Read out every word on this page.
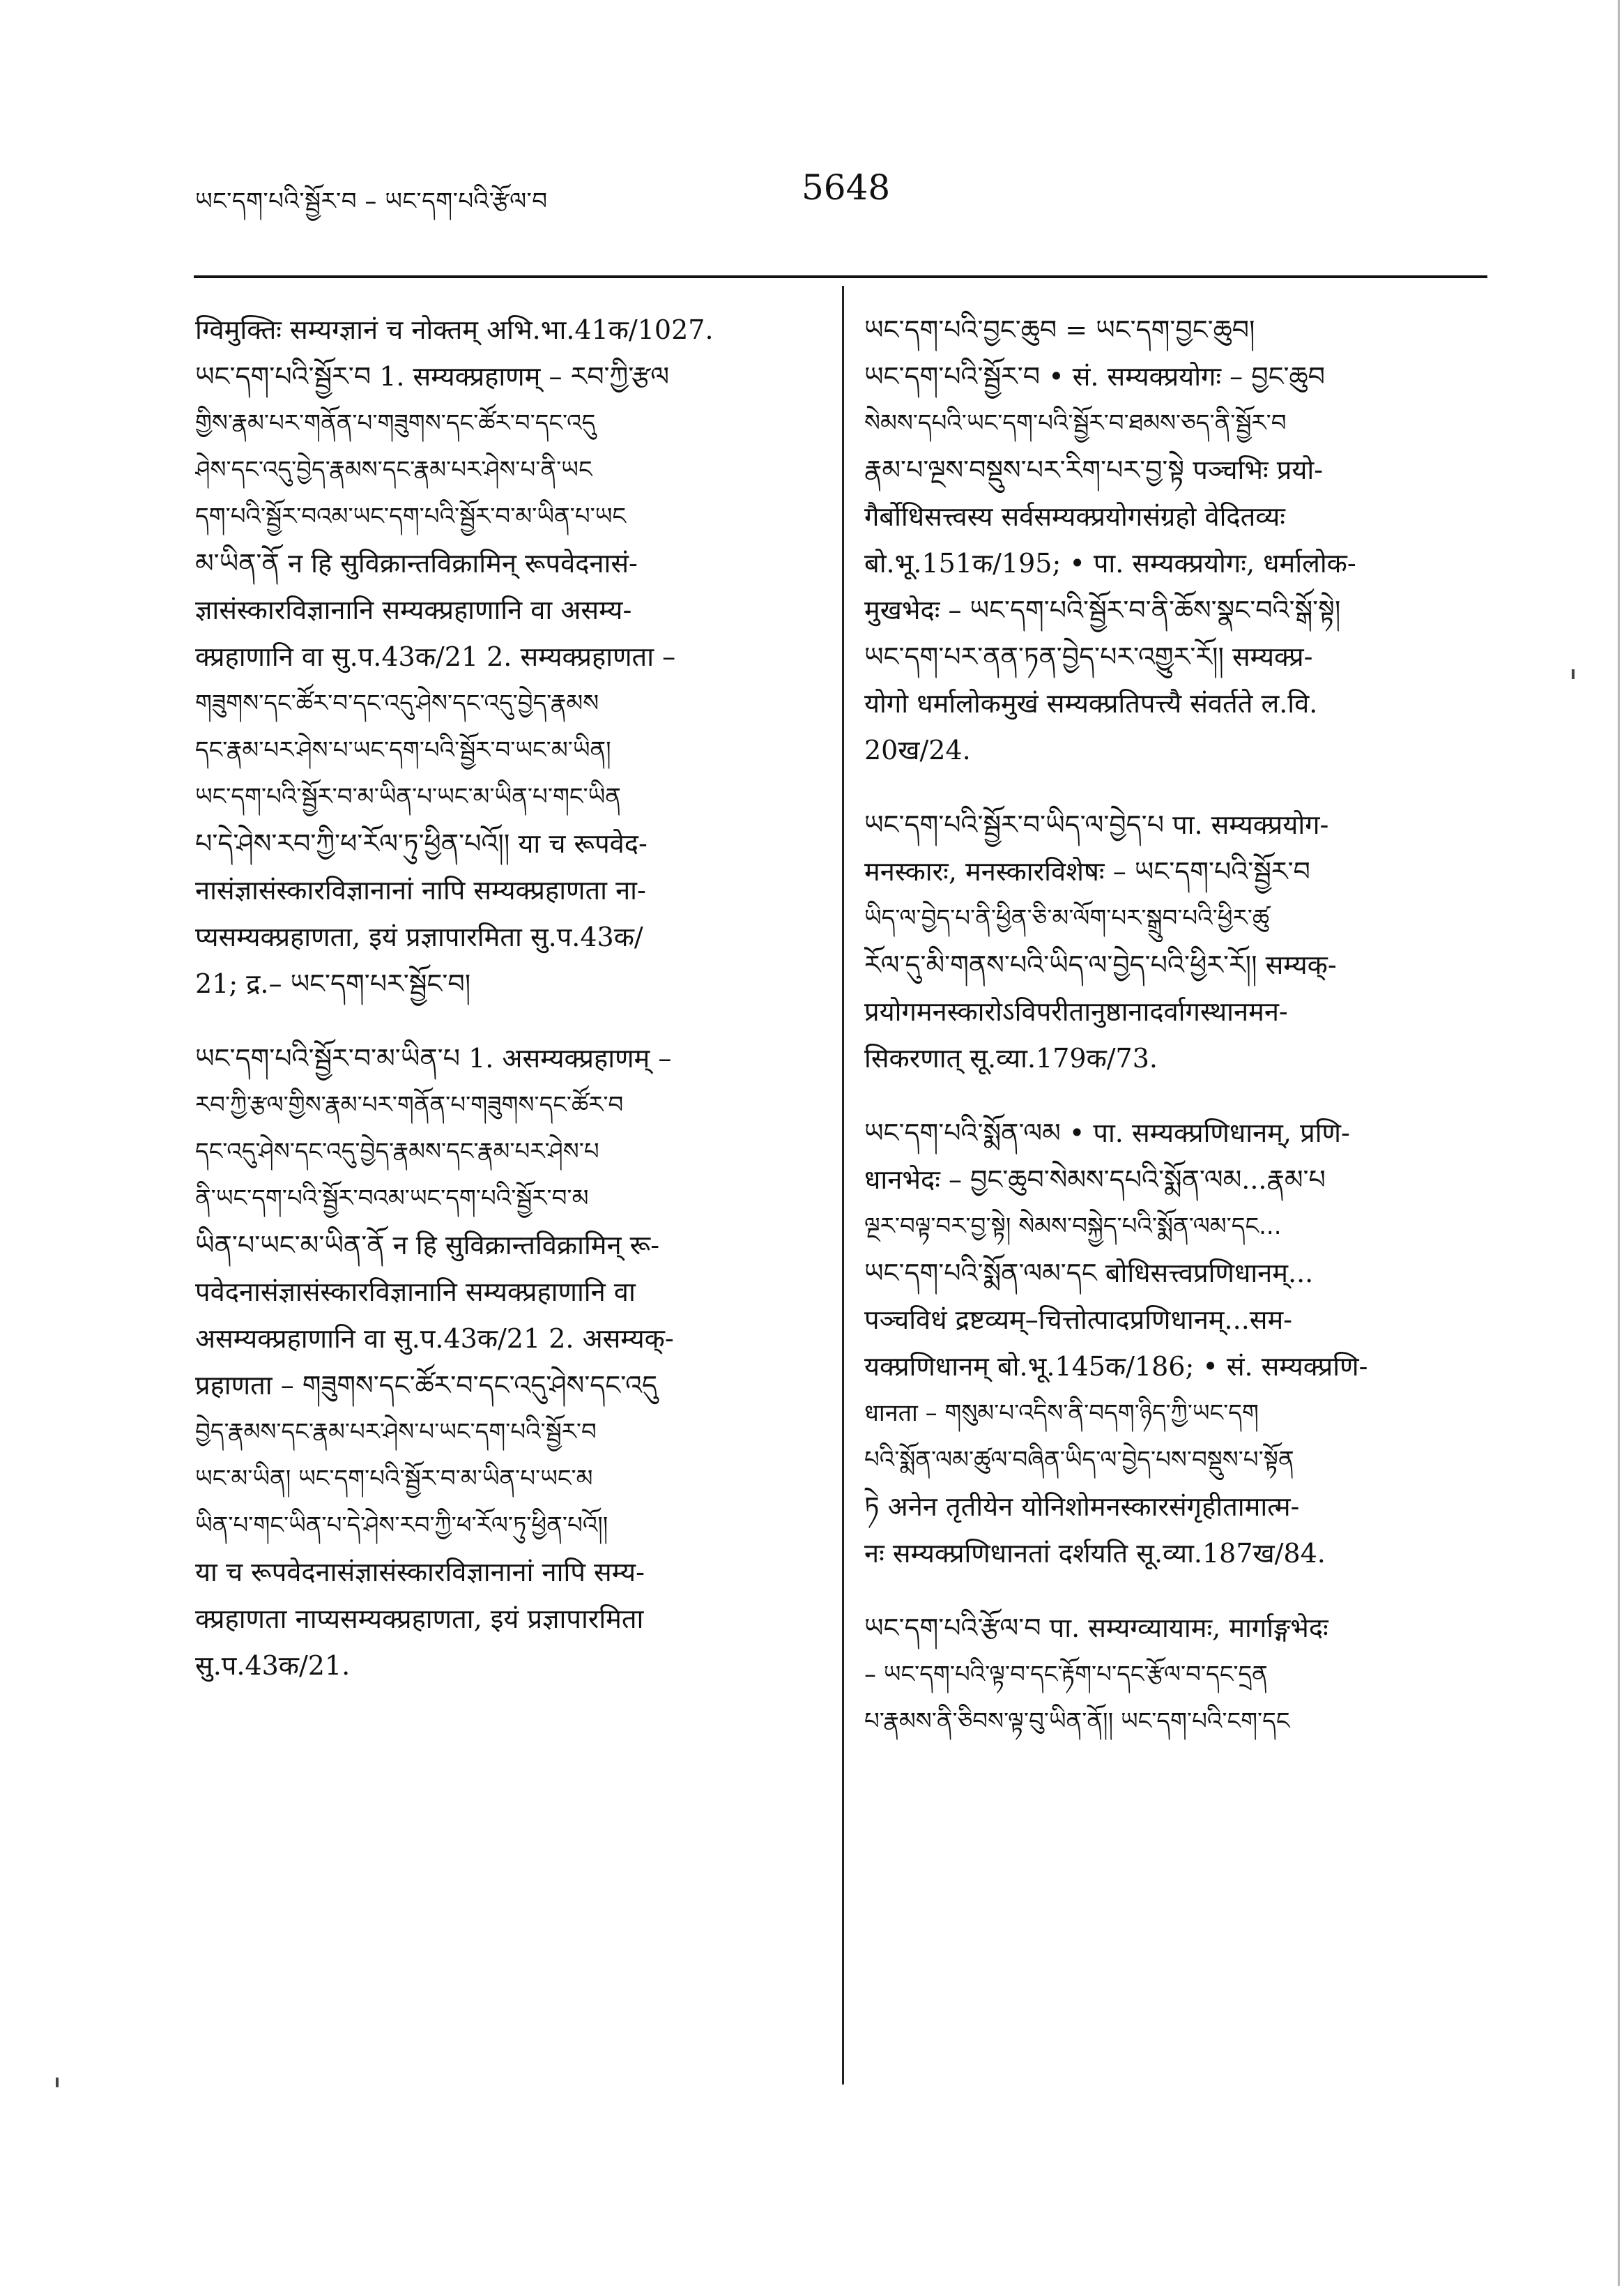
ཡང་དག་པའི་སྦྱོར་བ – ཡང་དག་པའི་རྩོལ་བ	5648
ग्विमुक्तिः सम्यग्ज्ञानं च नोक्तम् अभि.भा.41क/1027.
ཡང་དག་པའི་སྦྱོར་བ 1. सम्यक्प्रहाणम् – རབ་ཀྱི་རྩལ
གྱིས་རྣམ་པར་གནོན་པ་གཟུགས་དང་ཚོར་བ་དང་འདུ
ཤེས་དང་འདུ་བྱེད་རྣམས་དང་རྣམ་པར་ཤེས་པ་ནི་ཡང
དག་པའི་སྦྱོར་བའམ་ཡང་དག་པའི་སྦྱོར་བ་མ་ཡིན་པ་ཡང
མ་ཡིན་ནོ न हि सुविक्रान्तविक्रामिन् रूपवेदनासं-
ज्ञासंस्कारविज्ञानानि सम्यक्प्रहाणानि वा असम्य-
क्प्रहाणानि वा सु.प.43क/21 2. सम्यक्प्रहाणता –
གཟུགས་དང་ཚོར་བ་དང་འདུ་ཤེས་དང་འདུ་བྱེད་རྣམས
དང་རྣམ་པར་ཤེས་པ་ཡང་དག་པའི་སྦྱོར་བ་ཡང་མ་ཡིན།
ཡང་དག་པའི་སྦྱོར་བ་མ་ཡིན་པ་ཡང་མ་ཡིན་པ་གང་ཡིན
པ་དེ་ཤེས་རབ་ཀྱི་ཕ་རོལ་ཏུ་ཕྱིན་པའོ།། या च रूपवेद-
नासंज्ञासंस्कारविज्ञानानां नापि सम्यक्प्रहाणता ना-
प्यसम्यक्प्रहाणता, इयं प्रज्ञापारमिता सु.प.43क/
21; द्र.– ཡང་དག་པར་སྦྱོང་བ།
ཡང་དག་པའི་སྦྱོར་བ་མ་ཡིན་པ 1. असम्यक्प्रहाणम् –
རབ་ཀྱི་རྩལ་གྱིས་རྣམ་པར་གནོན་པ་གཟུགས་དང་ཚོར་བ
དང་འདུ་ཤེས་དང་འདུ་བྱེད་རྣམས་དང་རྣམ་པར་ཤེས་པ
ནི་ཡང་དག་པའི་སྦྱོར་བའམ་ཡང་དག་པའི་སྦྱོར་བ་མ
ཡིན་པ་ཡང་མ་ཡིན་ནོ न हि सुविक्रान्तविक्रामिन् रू-
पवेदनासंज्ञासंस्कारविज्ञानानि सम्यक्प्रहाणानि वा
असम्यक्प्रहाणानि वा सु.प.43क/21 2. असम्यक्-
प्रहाणता – གཟུགས་དང་ཚོར་བ་དང་འདུ་ཤེས་དང་འདུ
བྱེད་རྣམས་དང་རྣམ་པར་ཤེས་པ་ཡང་དག་པའི་སྦྱོར་བ
ཡང་མ་ཡིན། ཡང་དག་པའི་སྦྱོར་བ་མ་ཡིན་པ་ཡང་མ
ཡིན་པ་གང་ཡིན་པ་དེ་ཤེས་རབ་ཀྱི་ཕ་རོལ་ཏུ་ཕྱིན་པའོ།།
या च रूपवेदनासंज्ञासंस्कारविज्ञानानां नापि सम्य-
क्प्रहाणता नाप्यसम्यक्प्रहाणता, इयं प्रज्ञापारमिता
सु.प.43क/21.
ཡང་དག་པའི་བྱང་ཆུབ = ཡང་དག་བྱང་ཆུབ།
ཡང་དག་པའི་སྦྱོར་བ • सं. सम्यक्प्रयोगः – བྱང་ཆུབ
སེམས་དཔའི་ཡང་དག་པའི་སྦྱོར་བ་ཐམས་ཅད་ནི་སྦྱོར་བ
རྣམ་པ་ལྔས་བསྡུས་པར་རིག་པར་བྱ་སྟེ पञ्चभिः प्रयो-
गैर्बोधिसत्त्वस्य सर्वसम्यक्प्रयोगसंग्रहो वेदितव्यः
बो.भू.151क/195; • पा. सम्यक्प्रयोगः, धर्मालोक-
मुखभेदः – ཡང་དག་པའི་སྦྱོར་བ་ནི་ཆོས་སྣང་བའི་སྒོ་སྟེ།
ཡང་དག་པར་ནན་ཏན་བྱེད་པར་འགྱུར་རོ།། सम्यक्प्र-
योगो धर्मालोकमुखं सम्यक्प्रतिपत्त्यै संवर्तते ल.वि.
20ख/24.
ཡང་དག་པའི་སྦྱོར་བ་ཡིད་ལ་བྱེད་པ पा. सम्यक्प्रयोग-
मनस्कारः, मनस्कारविशेषः – ཡང་དག་པའི་སྦྱོར་བ
ཡིད་ལ་བྱེད་པ་ནི་ཕྱིན་ཅི་མ་ལོག་པར་སྒྲུབ་པའི་ཕྱིར་ཚུ
རོལ་དུ་མི་གནས་པའི་ཡིད་ལ་བྱེད་པའི་ཕྱིར་རོ།། सम्यक्-
प्रयोगमनस्कारोऽविपरीतानुष्ठानादर्वागस्थानमन-
सिकरणात् सू.व्या.179क/73.
ཡང་དག་པའི་སྨོན་ལམ • पा. सम्यक्प्रणिधानम्, प्रणि-
धानभेदः – བྱང་ཆུབ་སེམས་དཔའི་སྨོན་ལམ...རྣམ་པ
ལྔར་བལྟ་བར་བྱ་སྟེ། སེམས་བསྐྱེད་པའི་སྨོན་ལམ་དང...
ཡང་དག་པའི་སྨོན་ལམ་དང बोधिसत्त्वप्रणिधानम्...
पञ्चविधं द्रष्टव्यम्–चित्तोत्पादप्रणिधानम्...सम-
यक्प्रणिधानम् बो.भू.145क/186; • सं. सम्यक्प्रणि-
धानता – གསུམ་པ་འདིས་ནི་བདག་ཉིད་ཀྱི་ཡང་དག
པའི་སྨོན་ལམ་ཚུལ་བཞིན་ཡིད་ལ་བྱེད་པས་བསྡུས་པ་སྟོན
ཏེ अनेन तृतीयेन योनिशोमनस्कारसंगृहीतामात्म-
नः सम्यक्प्रणिधानतां दर्शयति सू.व्या.187ख/84.
ཡང་དག་པའི་རྩོལ་བ पा. सम्यग्व्यायामः, मार्गाङ्गभेदः
– ཡང་དག་པའི་ལྟ་བ་དང་རྟོག་པ་དང་རྩོལ་བ་དང་དྲན
པ་རྣམས་ནི་ཅིབས་ལྟ་བུ་ཡིན་ནོ།། ཡང་དག་པའི་ངག་དང
